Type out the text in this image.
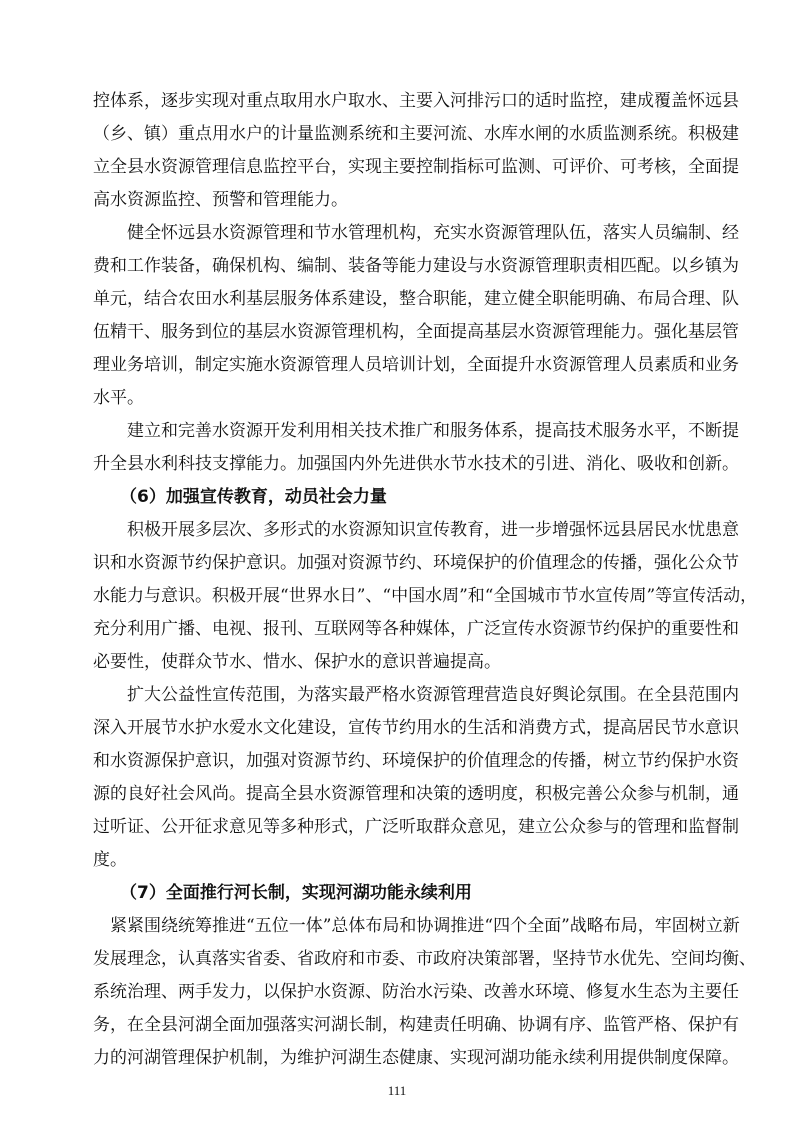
控体系，逐步实现对重点取用水户取水、主要入河排污口的适时监控，建成覆盖怀远县
（乡、镇）重点用水户的计量监测系统和主要河流、水库水闸的水质监测系统。积极建
立全县水资源管理信息监控平台，实现主要控制指标可监测、可评价、可考核，全面提
高水资源监控、预警和管理能力。
健全怀远县水资源管理和节水管理机构，充实水资源管理队伍，落实人员编制、经
费和工作装备，确保机构、编制、装备等能力建设与水资源管理职责相匹配。以乡镇为
单元，结合农田水利基层服务体系建设，整合职能，建立健全职能明确、布局合理、队
伍精干、服务到位的基层水资源管理机构，全面提高基层水资源管理能力。强化基层管
理业务培训，制定实施水资源管理人员培训计划，全面提升水资源管理人员素质和业务
水平。
建立和完善水资源开发利用相关技术推广和服务体系，提高技术服务水平，不断提
升全县水利科技支撑能力。加强国内外先进供水节水技术的引进、消化、吸收和创新。
（6）加强宣传教育，动员社会力量
积极开展多层次、多形式的水资源知识宣传教育，进一步增强怀远县居民水忧患意
识和水资源节约保护意识。加强对资源节约、环境保护的价值理念的传播，强化公众节
水能力与意识。积极开展“世界水日”、“中国水周”和“全国城市节水宣传周”等宣传活动，
充分利用广播、电视、报刊、互联网等各种媒体，广泛宣传水资源节约保护的重要性和
必要性，使群众节水、惜水、保护水的意识普遍提高。
扩大公益性宣传范围，为落实最严格水资源管理营造良好舆论氛围。在全县范围内
深入开展节水护水爱水文化建设，宣传节约用水的生活和消费方式，提高居民节水意识
和水资源保护意识，加强对资源节约、环境保护的价值理念的传播，树立节约保护水资
源的良好社会风尚。提高全县水资源管理和决策的透明度，积极完善公众参与机制，通
过听证、公开征求意见等多种形式，广泛听取群众意见，建立公众参与的管理和监督制
度。
（7）全面推行河长制，实现河湖功能永续利用
紧紧围绕统筹推进“五位一体”总体布局和协调推进“四个全面”战略布局，牢固树立新
发展理念，认真落实省委、省政府和市委、市政府决策部署，坚持节水优先、空间均衡、
系统治理、两手发力，以保护水资源、防治水污染、改善水环境、修复水生态为主要任
务，在全县河湖全面加强落实河湖长制，构建责任明确、协调有序、监管严格、保护有
力的河湖管理保护机制，为维护河湖生态健康、实现河湖功能永续利用提供制度保障。
111
